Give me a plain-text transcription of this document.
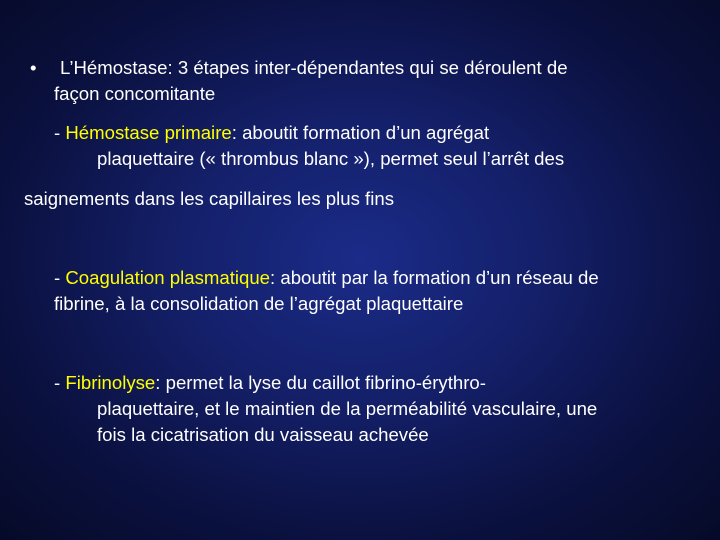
• L’Hémostase: 3 étapes inter-dépendantes qui se déroulent de
façon concomitante
- Hémostase primaire: aboutit formation d’un agrégat
plaquettaire (« thrombus blanc »), permet seul l’arrêt des
saignements dans les capillaires les plus fins
- Coagulation plasmatique: aboutit par la formation d’un réseau de
fibrine, à la consolidation de l’agrégat plaquettaire
- Fibrinolyse: permet la lyse du caillot fibrino-érythro-
plaquettaire, et le maintien de la perméabilité vasculaire, une
fois la cicatrisation du vaisseau achevée
